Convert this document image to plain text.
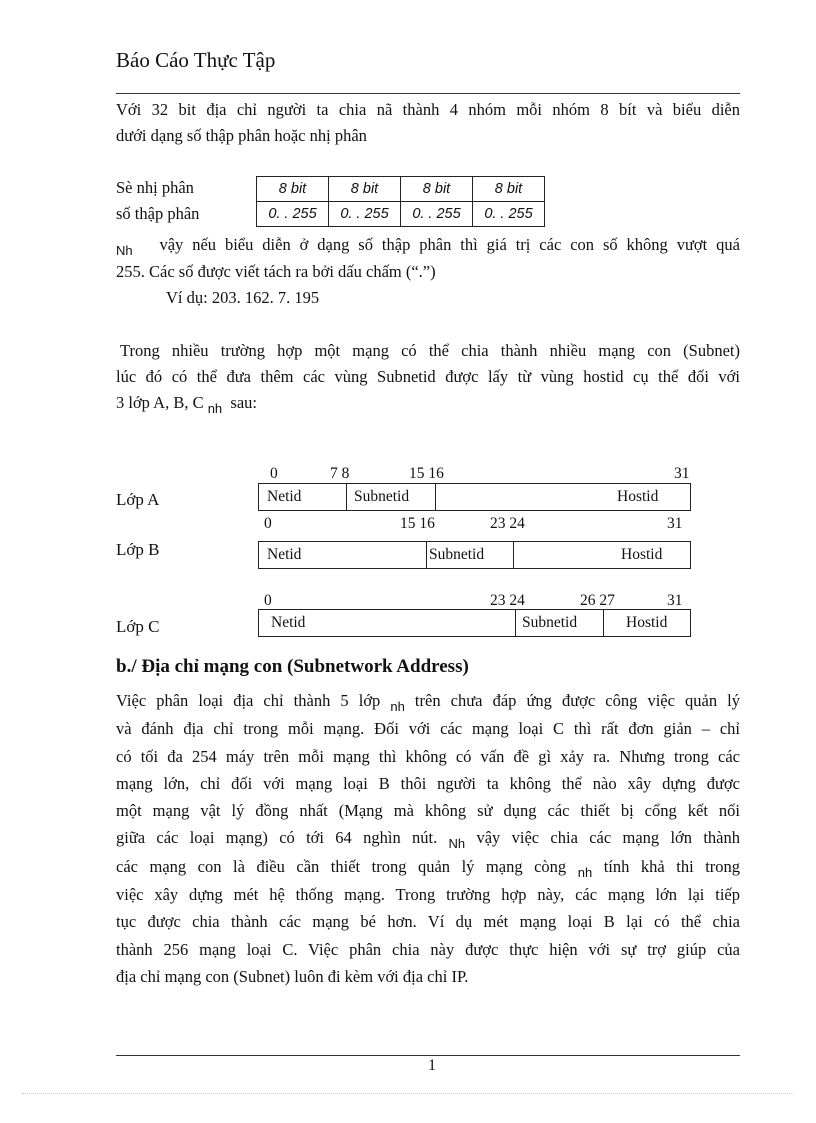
Báo Cáo Thực Tập
Với 32 bit địa chỉ người ta chia nã thành 4 nhóm mỗi nhóm 8 bít và biểu diễn
dưới dạng số thập phân hoặc nhị phân
Sè nhị phân
số thập phân
8 bit	8 bit	8 bit	8 bit
0. . 255	0. . 255	0. . 255	0. . 255
$_{Nh}$ vậy nếu biểu diễn ở dạng số thập phân thì giá trị các con số không vượt quá
255. Các số được viết tách ra bởi dấu chấm (“.”)
Ví dụ: 203. 162. 7. 195
Trong nhiều trường hợp một mạng có thể chia thành nhiều mạng con (Subnet)
lúc đó có thể đưa thêm các vùng Subnetid được lấy từ vùng hostid cụ thể đối với
3 lớp A, B, C $_{nh}$ sau:
0	7 8	15 16	31
Lớp A	Netid	Subnetid	Hostid
0	15 16	23 24	31
Lớp B	Netid	Subnetid	Hostid
0	23 24	26 27	31
Lớp C	Netid	Subnetid	Hostid
b./ Địa chỉ mạng con (Subnetwork Address)
Việc phân loại địa chỉ thành 5 lớp $_{nh}$ trên chưa đáp ứng được công việc quản lý
và đánh địa chỉ trong mỗi mạng. Đối với các mạng loại C thì rất đơn giản – chỉ
có tối đa 254 máy trên mỗi mạng thì không có vấn đề gì xảy ra. Nhưng trong các
mạng lớn, chỉ đối với mạng loại B thôi người ta không thể nào xây dựng được
một mạng vật lý đồng nhất (Mạng mà không sử dụng các thiết bị cổng kết nối
giữa các loại mạng) có tới 64 nghìn nút. $_{Nh}$ vậy việc chia các mạng lớn thành
các mạng con là điều cần thiết trong quản lý mạng còng $_{nh}$ tính khả thi trong
việc xây dựng mét hệ thống mạng. Trong trường hợp này, các mạng lớn lại tiếp
tục được chia thành các mạng bé hơn. Ví dụ mét mạng loại B lại có thể chia
thành 256 mạng loại C. Việc phân chia này được thực hiện với sự trợ giúp của
địa chỉ mạng con (Subnet) luôn đi kèm với địa chỉ IP.
1
